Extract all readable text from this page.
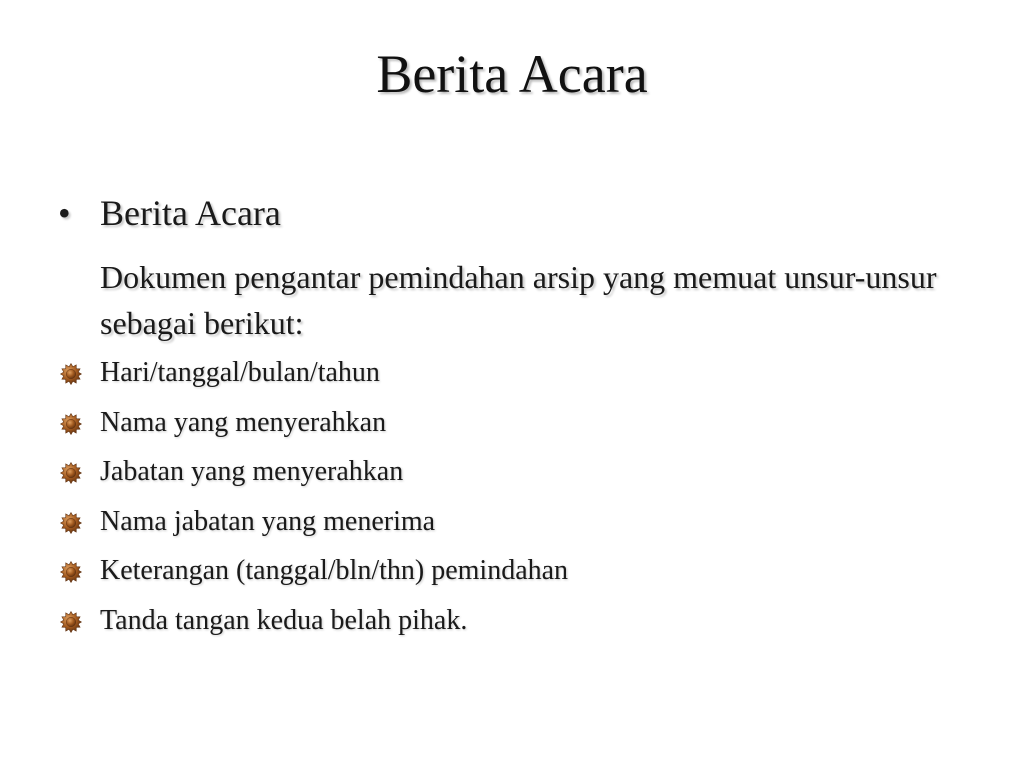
Berita Acara
• Berita Acara
Dokumen pengantar pemindahan arsip yang memuat unsur-unsur sebagai berikut:
Hari/tanggal/bulan/tahun
Nama yang menyerahkan
Jabatan yang menyerahkan
Nama jabatan yang menerima
Keterangan (tanggal/bln/thn) pemindahan
Tanda tangan kedua belah pihak.
